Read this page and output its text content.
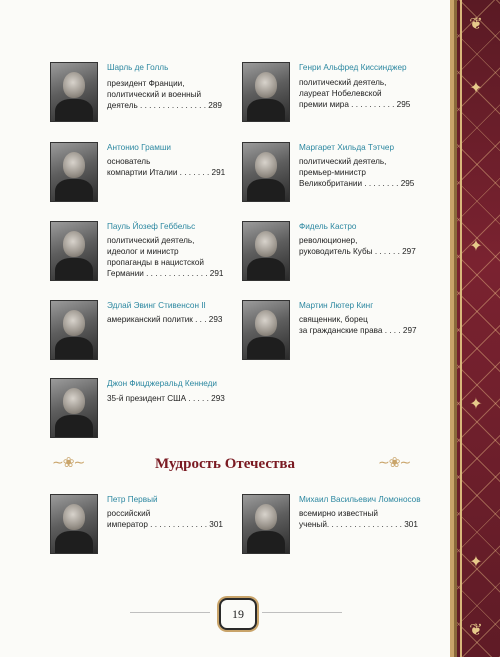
❦
✦
✦
✦
✦
❦

Шарль де Голль

президент Франции,

политический и военный

деятель . . . . . . . . . . . . . . . 289

Генри Альфред Киссинджер

политический деятель,

лауреат Нобелевской

премии мира . . . . . . . . . . 295

Антонио Грамши

основатель

компартии Италии . . . . . . . 291

Маргарет Хильда Тэтчер

политический деятель,

премьер-министр

Великобритании . . . . . . . . 295

Пауль Йозеф Геббельс

политический деятель,

идеолог и министр

пропаганды в нацистской

Германии . . . . . . . . . . . . . . 291

Фидель Кастро

революционер,

руководитель Кубы . . . . . . 297

Эдлай Эвинг Стивенсон II

американский политик . . . 293

Мартин Лютер Кинг

священник, борец

за гражданские права . . . . 297

Джон Фицджеральд Кеннеди

35-й президент США . . . . . 293

∼❀∼	Мудрость Отечества	∼❀∼

Петр Первый

российский

император . . . . . . . . . . . . . 301

Михаил Васильевич Ломоносов

всемирно известный

ученый. . . . . . . . . . . . . . . . . 301

19
